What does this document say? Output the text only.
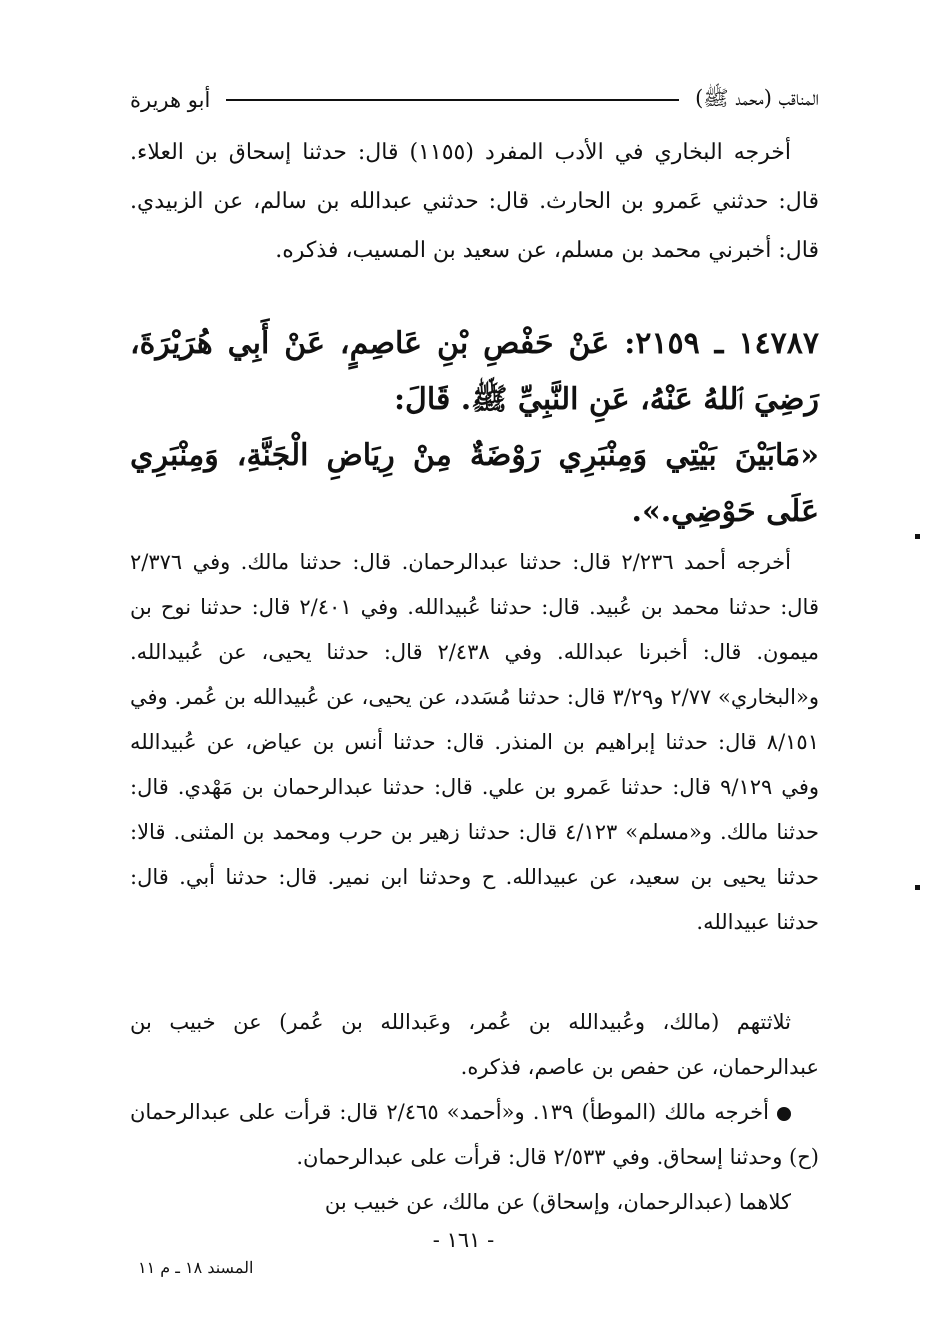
المناقب (محمد ﷺ)
أبو هريرة

أخرجه البخاري في الأدب المفرد (١١٥٥) قال: حدثنا إسحاق بن العلاء. قال: حدثني عَمرو بن الحارث. قال: حدثني عبدالله بن سالم، عن الزبيدي. قال: أخبرني محمد بن مسلم، عن سعيد بن المسيب، فذكره.

١٤٧٨٧ ـ ٢١٥٩: عَنْ حَفْصِ بْنِ عَاصِمٍ، عَنْ أَبِي هُرَيْرَةَ، رَضِيَ ٱللهُ عَنْهُ، عَنِ النَّبِيِّ ﷺ. قَالَ:

«مَابَيْنَ بَيْتِي وَمِنْبَرِي رَوْضَةٌ مِنْ رِيَاضِ الْجَنَّةِ، وَمِنْبَرِي عَلَى حَوْضِي.».

أخرجه أحمد ٢/٢٣٦ قال: حدثنا عبدالرحمان. قال: حدثنا مالك. وفي ٢/٣٧٦ قال: حدثنا محمد بن عُبيد. قال: حدثنا عُبيدالله. وفي ٢/٤٠١ قال: حدثنا نوح بن ميمون. قال: أخبرنا عبدالله. وفي ٢/٤٣٨ قال: حدثنا يحيى، عن عُبيدالله. و«البخاري» ٢/٧٧ و٣/٢٩ قال: حدثنا مُسَدد، عن يحيى، عن عُبيدالله بن عُمر. وفي ٨/١٥١ قال: حدثنا إبراهيم بن المنذر. قال: حدثنا أنس بن عياض، عن عُبيدالله وفي ٩/١٢٩ قال: حدثنا عَمرو بن علي. قال: حدثنا عبدالرحمان بن مَهْدي. قال: حدثنا مالك. و«مسلم» ٤/١٢٣ قال: حدثنا زهير بن حرب ومحمد بن المثنى. قالا: حدثنا يحيى بن سعيد، عن عبيدالله. ح وحدثنا ابن نمير. قال: حدثنا أبي. قال: حدثنا عبيدالله.

ثلاثتهم (مالك، وعُبيدالله بن عُمر، وعَبدالله بن عُمر) عن خبيب بن عبدالرحمان، عن حفص بن عاصم، فذكره.

أخرجه مالك (الموطأ) ١٣٩. و«أحمد» ٢/٤٦٥ قال: قرأت على عبدالرحمان (ح) وحدثنا إسحاق. وفي ٢/٥٣٣ قال: قرأت على عبدالرحمان.

كلاهما (عبدالرحمان، وإسحاق) عن مالك، عن خبيب بن

- ١٦١ -
المسند ١٨ ـ م ١١
